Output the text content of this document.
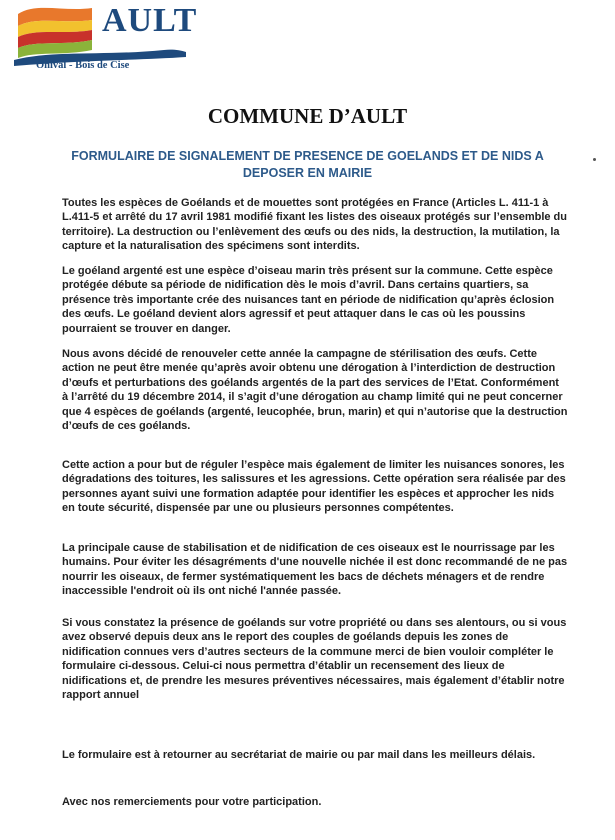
AULT
Onival - Bois de Cise
COMMUNE D’AULT

FORMULAIRE DE SIGNALEMENT DE PRESENCE DE GOELANDS ET DE NIDS A DEPOSER EN MAIRIE

Toutes les espèces de Goélands et de mouettes sont protégées en France (Articles L. 411-1 à L.411-5 et arrêté du 17 avril 1981 modifié fixant les listes des oiseaux protégés sur l’ensemble du territoire). La destruction ou l’enlèvement des œufs ou des nids, la destruction, la mutilation, la capture et la naturalisation des spécimens sont interdits.

Le goéland argenté est une espèce d’oiseau marin très présent sur la commune. Cette espèce protégée débute sa période de nidification dès le mois d’avril. Dans certains quartiers, sa présence très importante crée des nuisances tant en période de nidification qu’après éclosion des œufs. Le goéland devient alors agressif et peut attaquer dans le cas où les poussins pourraient se trouver en danger.

Nous avons décidé de renouveler cette année la campagne de stérilisation des œufs. Cette action ne peut être menée qu’après avoir obtenu une dérogation à l’interdiction de destruction d’œufs et perturbations des goélands argentés de la part des services de l’Etat. Conformément à l’arrêté du 19 décembre 2014, il s’agit d’une dérogation au champ limité qui ne peut concerner que 4 espèces de goélands (argenté, leucophée, brun, marin) et qui n’autorise que la destruction d’œufs de ces goélands.

Cette action a pour but de réguler l’espèce mais également de limiter les nuisances sonores, les dégradations des toitures, les salissures et les agressions. Cette opération sera réalisée par des personnes ayant suivi une formation adaptée pour identifier les espèces et approcher les nids en toute sécurité, dispensée par une ou plusieurs personnes compétentes.

La principale cause de stabilisation et de nidification de ces oiseaux est le nourrissage par les humains. Pour éviter les désagréments d'une nouvelle nichée il est donc recommandé de ne pas nourrir les oiseaux, de fermer systématiquement les bacs de déchets ménagers et de rendre inaccessible l'endroit où ils ont niché l'année passée.

Si vous constatez la présence de goélands sur votre propriété ou dans ses alentours, ou si vous avez observé depuis deux ans le report des couples de goélands depuis les zones de nidification connues vers d’autres secteurs de la commune merci de bien vouloir compléter le formulaire ci-dessous. Celui-ci nous permettra d’établir un recensement des lieux de nidifications et, de prendre les mesures préventives nécessaires, mais également d’établir notre rapport annuel

Le formulaire est à retourner au secrétariat de mairie ou par mail dans les meilleurs délais.

Avec nos remerciements pour votre participation.
